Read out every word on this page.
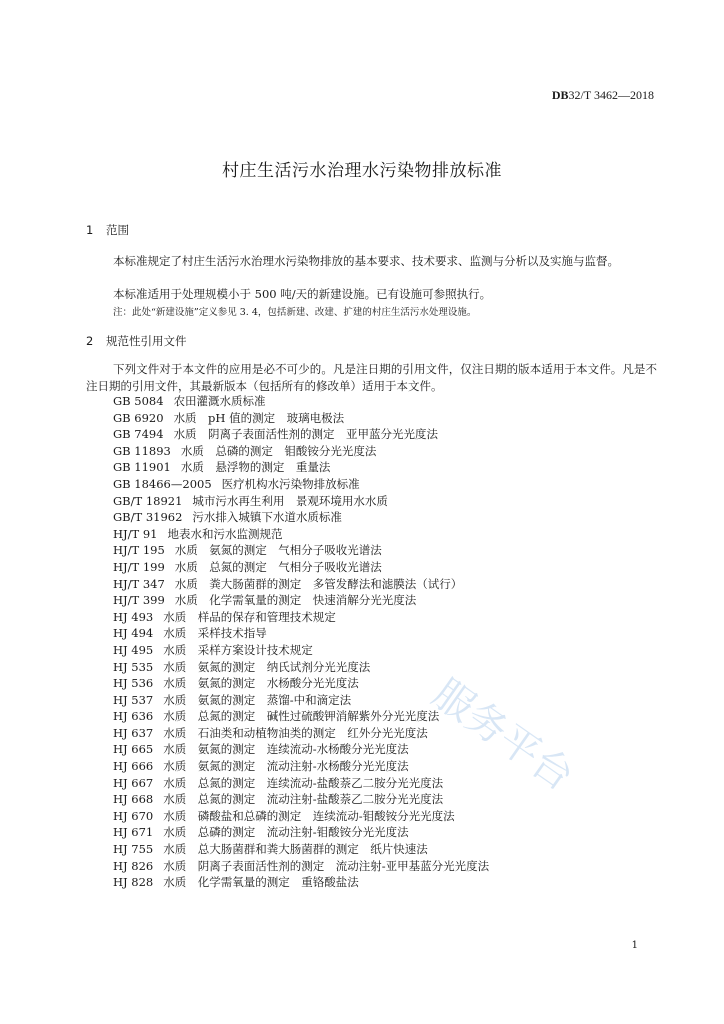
DB32/T 3462—2018
村庄生活污水治理水污染物排放标准
1 范围
本标准规定了村庄生活污水治理水污染物排放的基本要求、技术要求、监测与分析以及实施与监督。
本标准适用于处理规模小于 500 吨/天的新建设施。已有设施可参照执行。
注：此处“新建设施”定义参见 3. 4，包括新建、改建、扩建的村庄生活污水处理设施。
2 规范性引用文件
下列文件对于本文件的应用是必不可少的。凡是注日期的引用文件，仅注日期的版本适用于本文件。凡是不注日期的引用文件，其最新版本（包括所有的修改单）适用于本文件。
GB 5084 农田灌溉水质标准
GB 6920 水质　pH 值的测定　玻璃电极法
GB 7494 水质　阴离子表面活性剂的测定　亚甲蓝分光光度法
GB 11893 水质　总磷的测定　钼酸铵分光光度法
GB 11901 水质　悬浮物的测定　重量法
GB 18466—2005 医疗机构水污染物排放标准
GB/T 18921 城市污水再生利用　景观环境用水水质
GB/T 31962 污水排入城镇下水道水质标准
HJ/T 91 地表水和污水监测规范
HJ/T 195 水质　氨氮的测定　气相分子吸收光谱法
HJ/T 199 水质　总氮的测定　气相分子吸收光谱法
HJ/T 347 水质　粪大肠菌群的测定　多管发酵法和滤膜法（试行）
HJ/T 399 水质　化学需氧量的测定　快速消解分光光度法
HJ 493 水质　样品的保存和管理技术规定
HJ 494 水质　采样技术指导
HJ 495 水质　采样方案设计技术规定
HJ 535 水质　氨氮的测定　纳氏试剂分光光度法
HJ 536 水质　氨氮的测定　水杨酸分光光度法
HJ 537 水质　氨氮的测定　蒸馏-中和滴定法
HJ 636 水质　总氮的测定　碱性过硫酸钾消解紫外分光光度法
HJ 637 水质　石油类和动植物油类的测定　红外分光光度法
HJ 665 水质　氨氮的测定　连续流动-水杨酸分光光度法
HJ 666 水质　氨氮的测定　流动注射-水杨酸分光光度法
HJ 667 水质　总氮的测定　连续流动-盐酸萘乙二胺分光光度法
HJ 668 水质　总氮的测定　流动注射-盐酸萘乙二胺分光光度法
HJ 670 水质　磷酸盐和总磷的测定　连续流动-钼酸铵分光光度法
HJ 671 水质　总磷的测定　流动注射-钼酸铵分光光度法
HJ 755 水质　总大肠菌群和粪大肠菌群的测定　纸片快速法
HJ 826 水质　阴离子表面活性剂的测定　流动注射-亚甲基蓝分光光度法
HJ 828 水质　化学需氧量的测定　重铬酸盐法
1
服务平台
